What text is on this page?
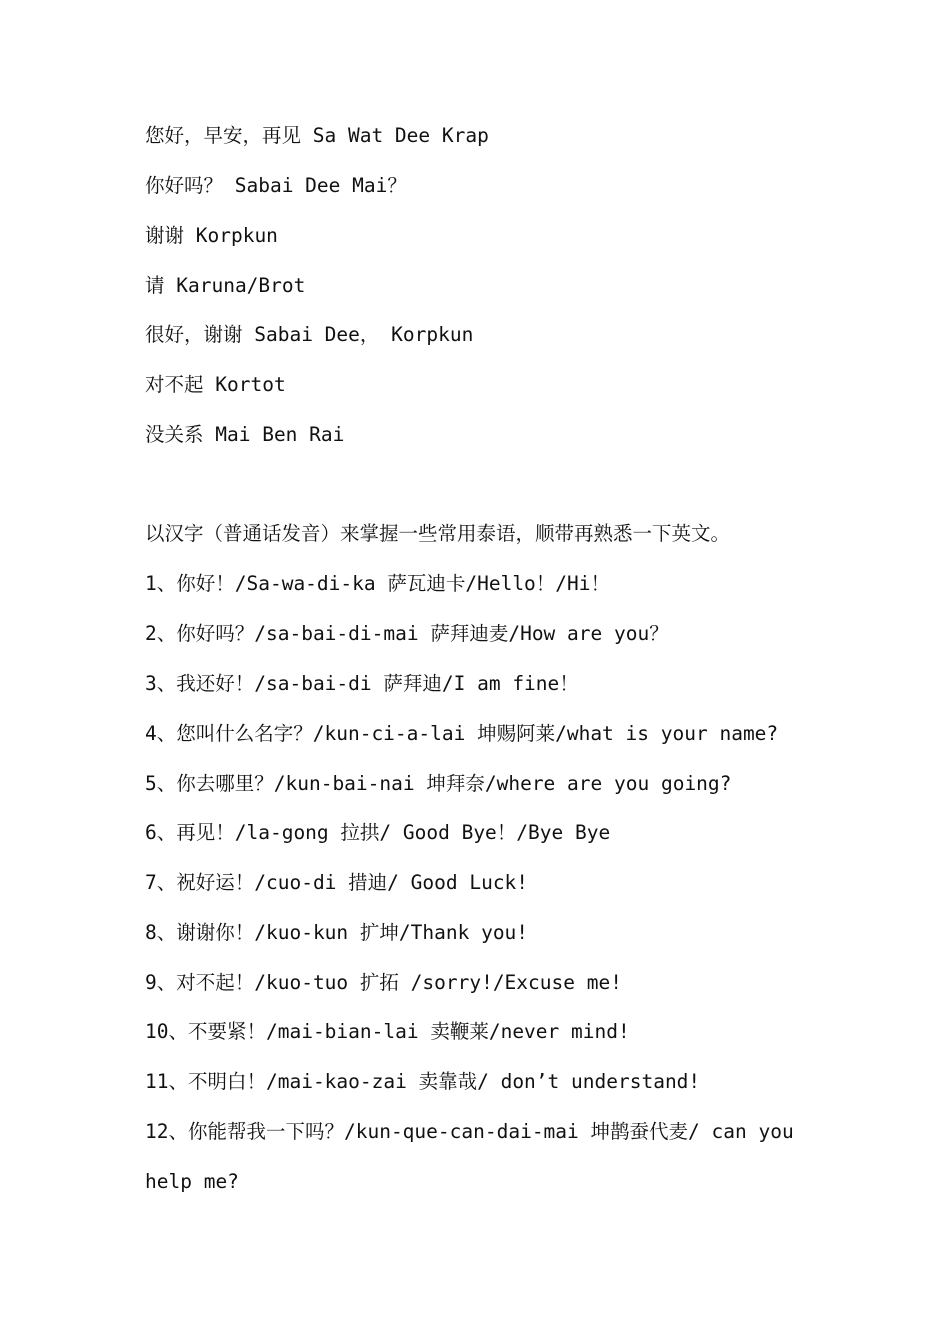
您好，早安，再见 Sa Wat Dee Krap

你好吗？ Sabai Dee Mai？

谢谢 Korpkun

请 Karuna/Brot

很好，谢谢 Sabai Dee， Korpkun

对不起 Kortot

没关系 Mai Ben Rai

以汉字（普通话发音）来掌握一些常用泰语，顺带再熟悉一下英文。

1、你好！/Sa-wa-di-ka 萨瓦迪卡/Hello！/Hi！

2、你好吗？/sa-bai-di-mai 萨拜迪麦/How are you？

3、我还好！/sa-bai-di 萨拜迪/I am fine！

4、您叫什么名字？/kun-ci-a-lai 坤赐阿莱/what is your name?

5、你去哪里？/kun-bai-nai 坤拜奈/where are you going?

6、再见！/la-gong 拉拱/ Good Bye！/Bye Bye

7、祝好运！/cuo-di 措迪/ Good Luck!

8、谢谢你！/kuo-kun 扩坤/Thank you!

9、对不起！/kuo-tuo 扩拓 /sorry!/Excuse me!

10、不要紧！/mai-bian-lai 卖鞭莱/never mind!

11、不明白！/mai-kao-zai 卖靠哉/ don’t understand!

12、你能帮我一下吗？/kun-que-can-dai-mai 坤鹊蚕代麦/ can you

help me?
